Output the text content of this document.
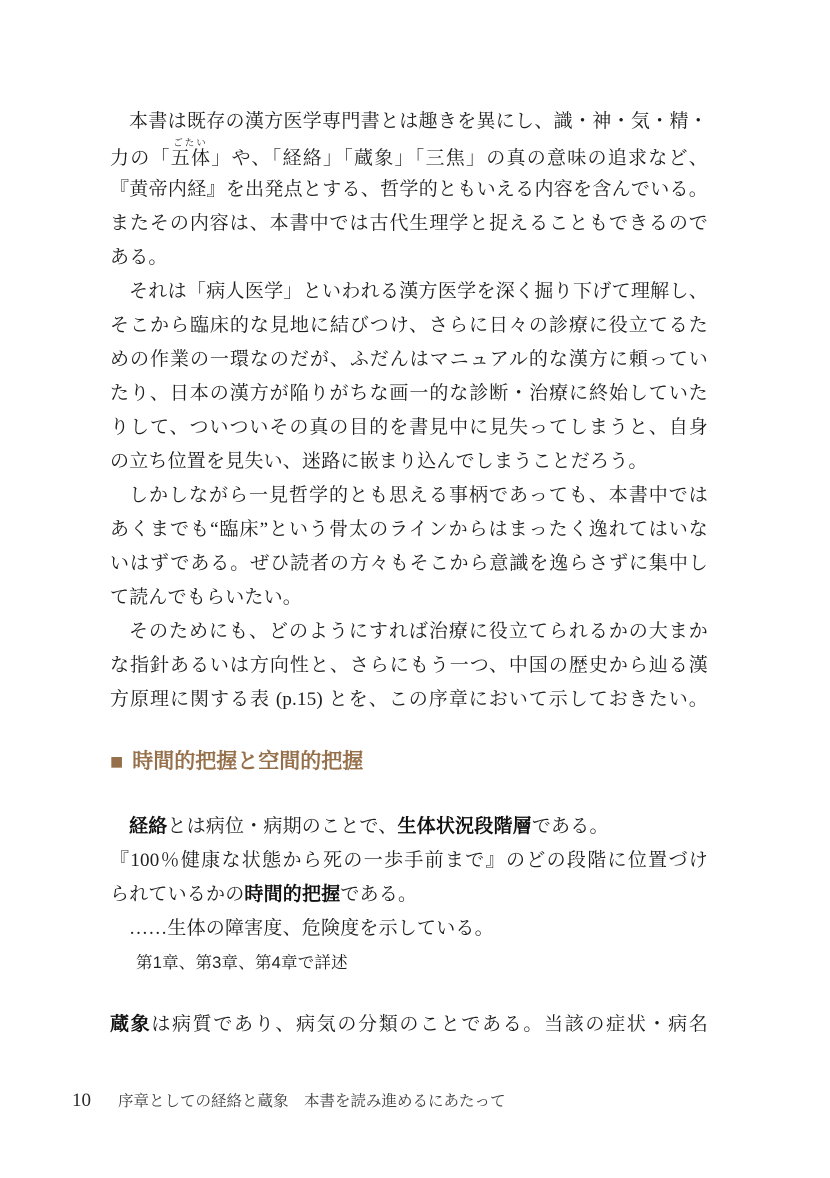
本書は既存の漢方医学専門書とは趣きを異にし、識・神・気・精・
力の「五体ごたい」や、「経絡」「蔵象」「三焦」の真の意味の追求など、
『黄帝内経』を出発点とする、哲学的ともいえる内容を含んでいる。
またその内容は、本書中では古代生理学と捉えることもできるので
ある。
それは「病人医学」といわれる漢方医学を深く掘り下げて理解し、
そこから臨床的な見地に結びつけ、さらに日々の診療に役立てるた
めの作業の一環なのだが、ふだんはマニュアル的な漢方に頼ってい
たり、日本の漢方が陥りがちな画一的な診断・治療に終始していた
りして、ついついその真の目的を書見中に見失ってしまうと、自身
の立ち位置を見失い、迷路に嵌まり込んでしまうことだろう。
しかしながら一見哲学的とも思える事柄であっても、本書中では
あくまでも“臨床”という骨太のラインからはまったく逸れてはいな
いはずである。ぜひ読者の方々もそこから意識を逸らさずに集中し
て読んでもらいたい。
そのためにも、どのようにすれば治療に役立てられるかの大まか
な指針あるいは方向性と、さらにもう一つ、中国の歴史から辿る漢
方原理に関する表 (p.15) とを、この序章において示しておきたい。
■ 時間的把握と空間的把握
経絡とは病位・病期のことで、生体状況段階層である。
『100％健康な状態から死の一歩手前まで』のどの段階に位置づけ
られているかの時間的把握である。
……生体の障害度、危険度を示している。
第1章、第3章、第4章で詳述
蔵象は病質であり、病気の分類のことである。当該の症状・病名
10 序章としての経絡と蔵象　本書を読み進めるにあたって
